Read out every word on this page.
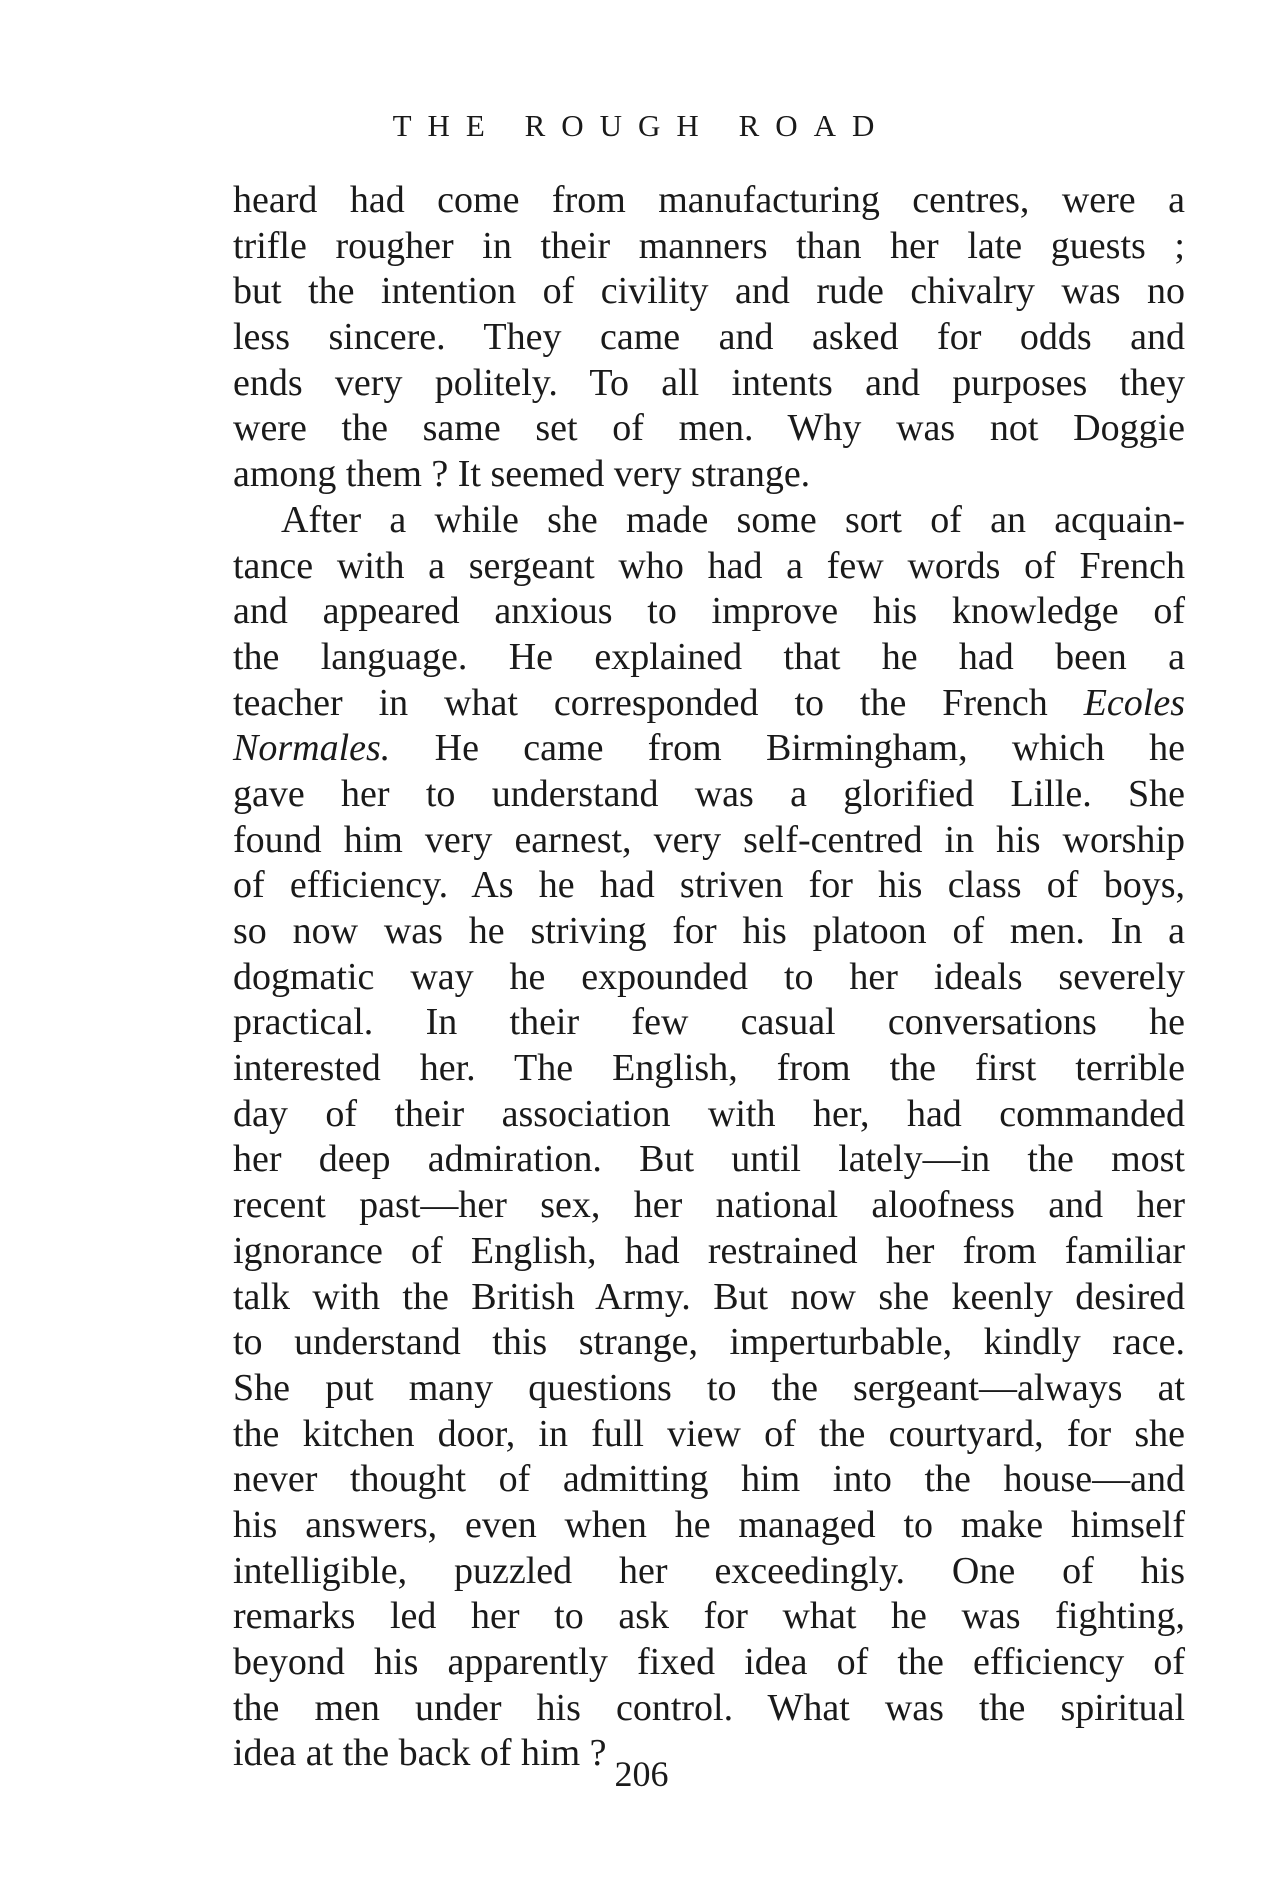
THE ROUGH ROAD
heard had come from manufacturing centres, were a
trifle rougher in their manners than her late guests ;
but the intention of civility and rude chivalry was no
less sincere. They came and asked for odds and
ends very politely. To all intents and purposes they
were the same set of men. Why was not Doggie
among them ? It seemed very strange.
After a while she made some sort of an acquain-
tance with a sergeant who had a few words of French
and appeared anxious to improve his knowledge of
the language. He explained that he had been a
teacher in what corresponded to the French Ecoles
Normales. He came from Birmingham, which he
gave her to understand was a glorified Lille. She
found him very earnest, very self-centred in his worship
of efficiency. As he had striven for his class of boys,
so now was he striving for his platoon of men. In a
dogmatic way he expounded to her ideals severely
practical. In their few casual conversations he
interested her. The English, from the first terrible
day of their association with her, had commanded
her deep admiration. But until lately—in the most
recent past—her sex, her national aloofness and her
ignorance of English, had restrained her from familiar
talk with the British Army. But now she keenly desired
to understand this strange, imperturbable, kindly race.
She put many questions to the sergeant—always at
the kitchen door, in full view of the courtyard, for she
never thought of admitting him into the house—and
his answers, even when he managed to make himself
intelligible, puzzled her exceedingly. One of his
remarks led her to ask for what he was fighting,
beyond his apparently fixed idea of the efficiency of
the men under his control. What was the spiritual
idea at the back of him ? 206
